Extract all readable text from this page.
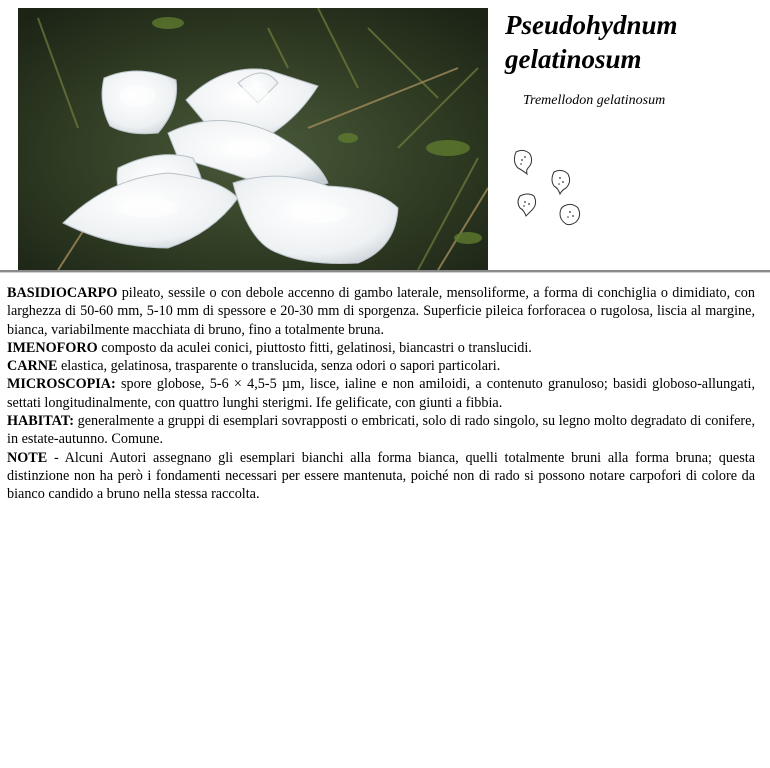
Pseudohydnum gelatinosum

Tremellodon gelatinosum

BASIDIOCARPO pileato, sessile o con debole accenno di gambo laterale, mensoliforme, a forma di conchiglia o dimidiato, con larghezza di 50-60 mm, 5-10 mm di spessore e 20-30 mm di sporgenza. Superficie pileica forforacea o rugolosa, liscia al margine, bianca, variabilmente macchiata di bruno, fino a totalmente bruna.

IMENOFORO composto da aculei conici, piuttosto fitti, gelatinosi, biancastri o translucidi.

CARNE elastica, gelatinosa, trasparente o translucida, senza odori o sapori particolari.

MICROSCOPIA: spore globose, 5-6 × 4,5-5 µm, lisce, ialine e non amiloidi, a contenuto granuloso; basidi globoso-allungati, settati longitudinalmente, con quattro lunghi sterigmi. Ife gelificate, con giunti a fibbia.

HABITAT: generalmente a gruppi di esemplari sovrapposti o embricati, solo di rado singolo, su legno molto degradato di conifere, in estate-autunno. Comune.

NOTE - Alcuni Autori assegnano gli esemplari bianchi alla forma bianca, quelli totalmente bruni alla forma bruna; questa distinzione non ha però i fondamenti necessari per essere mantenuta, poiché non di rado si possono notare carpofori di colore da bianco candido a bruno nella stessa raccolta.
